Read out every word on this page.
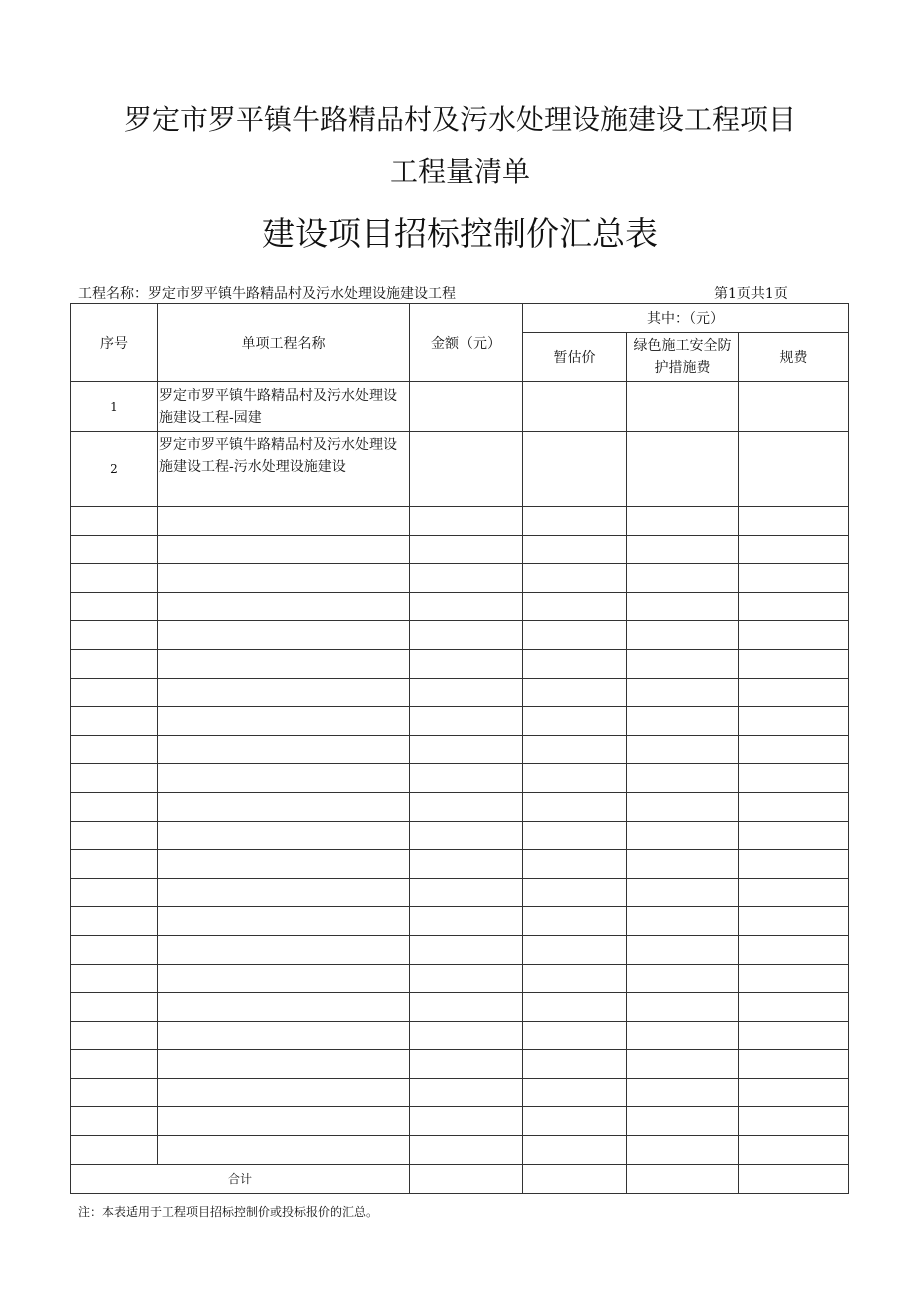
罗定市罗平镇牛路精品村及污水处理设施建设工程项目
工程量清单
建设项目招标控制价汇总表
工程名称：罗定市罗平镇牛路精品村及污水处理设施建设工程	第1页共1页
序号	单项工程名称	金额（元）	其中：（元）		
			暂估价	绿色施工安全防护措施费	规费
1	罗定市罗平镇牛路精品村及污水处理设施建设工程-园建				
2	罗定市罗平镇牛路精品村及污水处理设施建设工程-污水处理设施建设				

合计					
注：本表适用于工程项目招标控制价或投标报价的汇总。
